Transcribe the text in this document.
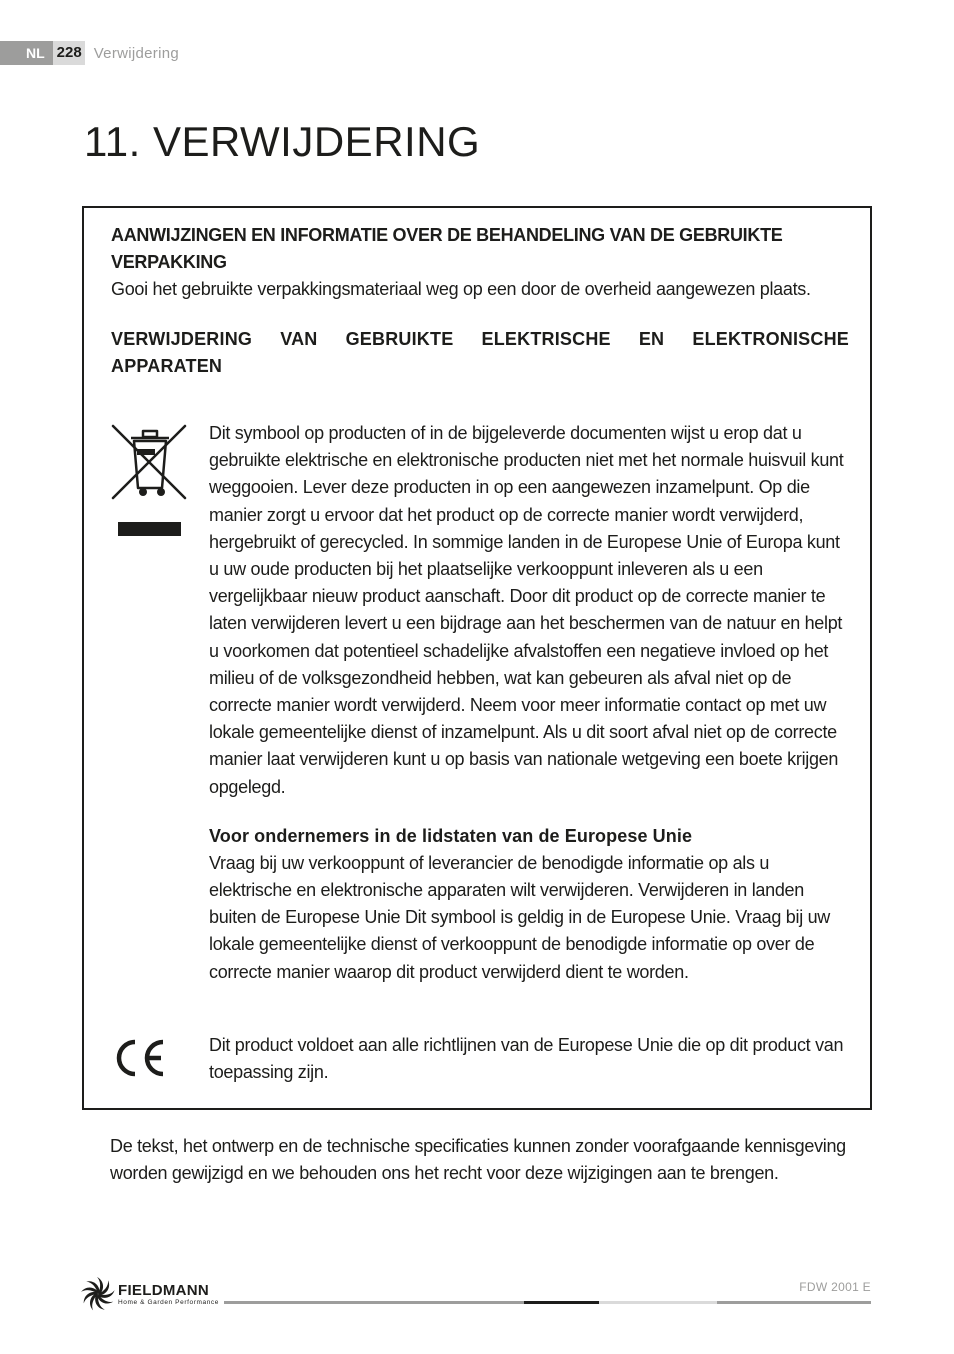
NL 228 Verwijdering
11. VERWIJDERING

AANWIJZINGEN EN INFORMATIE OVER DE BEHANDELING VAN DE GEBRUIKTE VERPAKKING

Gooi het gebruikte verpakkingsmateriaal weg op een door de overheid aangewezen plaats.

VERWIJDERING VAN GEBRUIKTE ELEKTRISCHE EN ELEKTRONISCHE APPARATEN

Dit symbool op producten of in de bijgeleverde documenten wijst u erop dat u gebruikte elektrische en elektronische producten niet met het normale huisvuil kunt weggooien. Lever deze producten in op een aangewezen inzamelpunt. Op die manier zorgt u ervoor dat het product op de correcte manier wordt verwijderd, hergebruikt of gerecycled. In sommige landen in de Europese Unie of Europa kunt u uw oude producten bij het plaatselijke verkooppunt inleveren als u een vergelijkbaar nieuw product aanschaft. Door dit product op de correcte manier te laten verwijderen levert u een bijdrage aan het beschermen van de natuur en helpt u voorkomen dat potentieel schadelijke afvalstoffen een negatieve invloed op het milieu of de volksgezondheid hebben, wat kan gebeuren als afval niet op de correcte manier wordt verwijderd. Neem voor meer informatie contact op met uw lokale gemeentelijke dienst of inzamelpunt. Als u dit soort afval niet op de correcte manier laat verwijderen kunt u op basis van nationale wetgeving een boete krijgen opgelegd.

Voor ondernemers in de lidstaten van de Europese Unie

Vraag bij uw verkooppunt of leverancier de benodigde informatie op als u elektrische en elektronische apparaten wilt verwijderen. Verwijderen in landen buiten de Europese Unie Dit symbool is geldig in de Europese Unie. Vraag bij uw lokale gemeentelijke dienst of verkooppunt de benodigde informatie op over de correcte manier waarop dit product verwijderd dient te worden.

Dit product voldoet aan alle richtlijnen van de Europese Unie die op dit product van toepassing zijn.

De tekst, het ontwerp en de technische specificaties kunnen zonder voorafgaande kennisgeving worden gewijzigd en we behouden ons het recht voor deze wijzigingen aan te brengen.

FIELDMANN
Home & Garden Performance
FDW 2001 E
